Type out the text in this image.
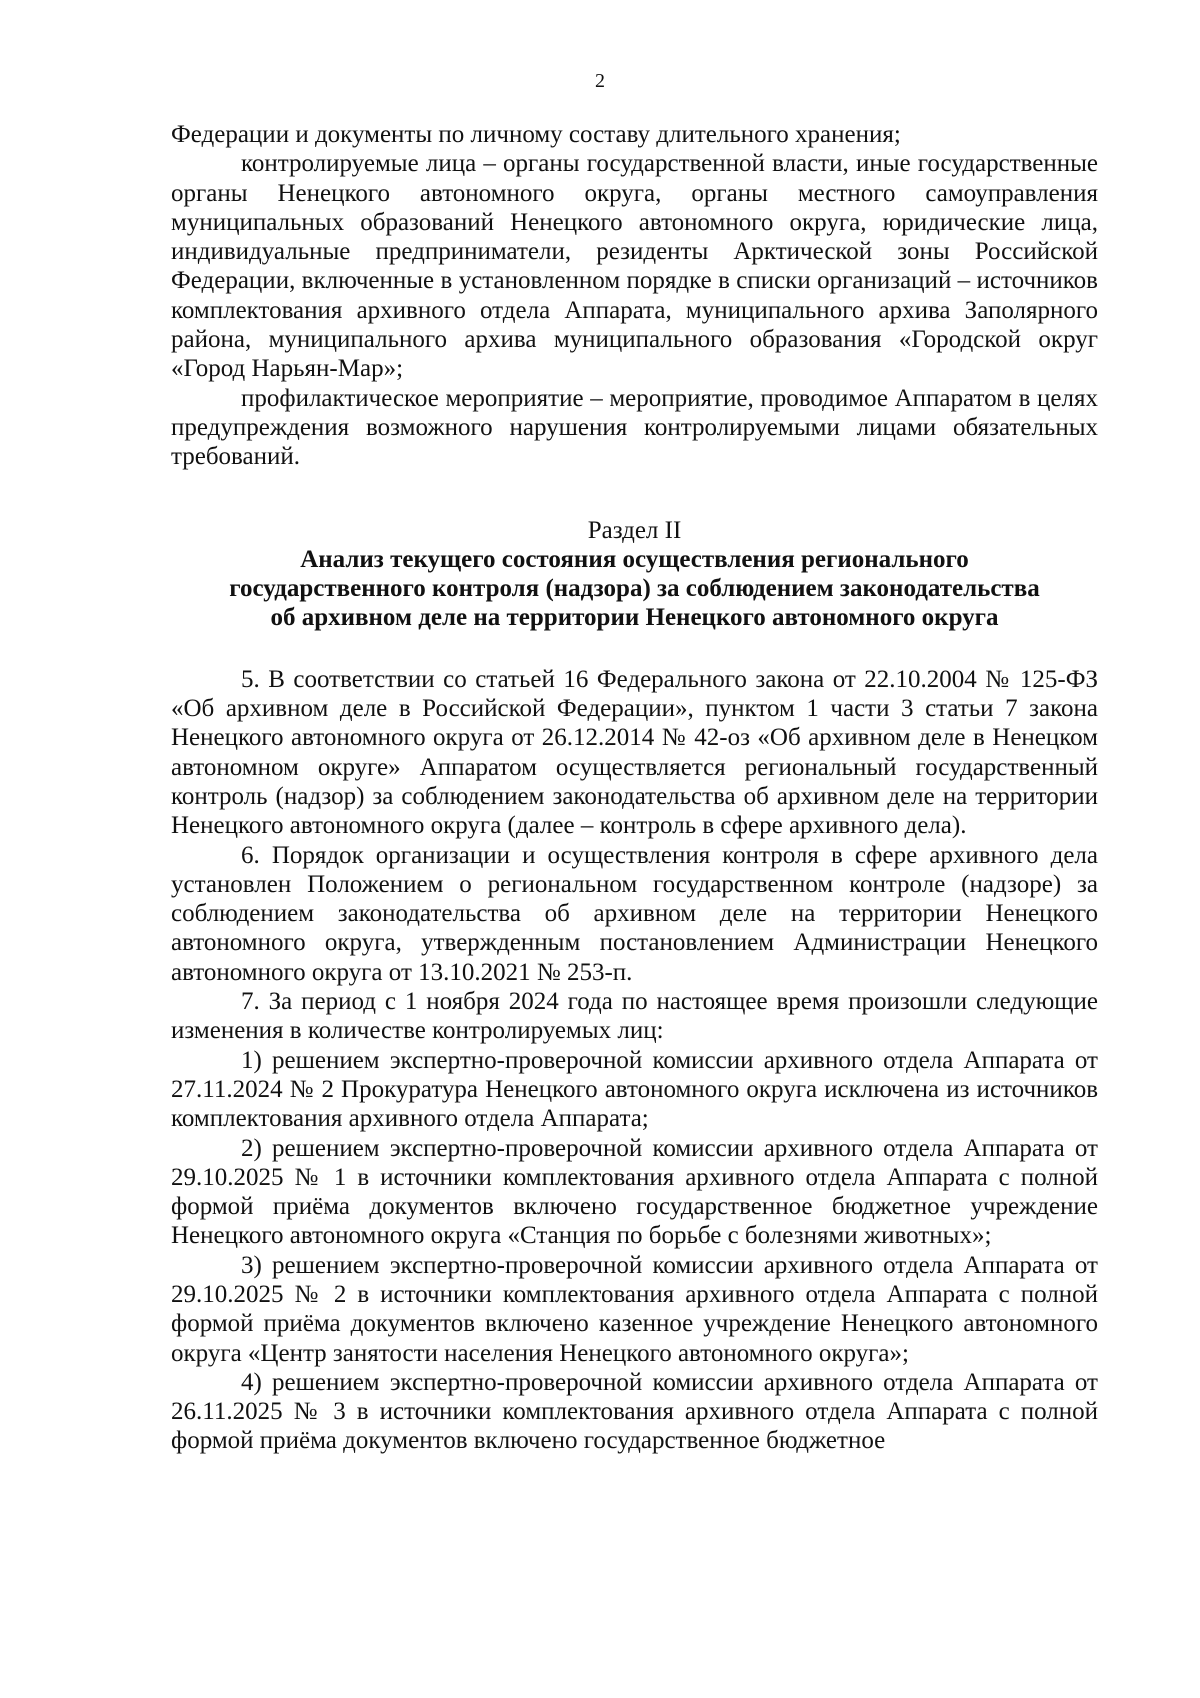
2

Федерации и документы по личному составу длительного хранения;

контролируемые лица – органы государственной власти, иные государственные органы Ненецкого автономного округа, органы местного самоуправления муниципальных образований Ненецкого автономного округа, юридические лица, индивидуальные предприниматели, резиденты Арктической зоны Российской Федерации, включенные в установленном порядке в списки организаций – источников комплектования архивного отдела Аппарата, муниципального архива Заполярного района, муниципального архива муниципального образования «Городской округ «Город Нарьян-Мар»;

профилактическое мероприятие – мероприятие, проводимое Аппаратом в целях предупреждения возможного нарушения контролируемыми лицами обязательных требований.

Раздел II

Анализ текущего состояния осуществления регионального

государственного контроля (надзора) за соблюдением законодательства

об архивном деле на территории Ненецкого автономного округа

5. В соответствии со статьей 16 Федерального закона от 22.10.2004 № 125-ФЗ «Об архивном деле в Российской Федерации», пунктом 1 части 3 статьи 7 закона Ненецкого автономного округа от 26.12.2014 № 42-оз «Об архивном деле в Ненецком автономном округе» Аппаратом осуществляется региональный государственный контроль (надзор) за соблюдением законодательства об архивном деле на территории Ненецкого автономного округа (далее – контроль в сфере архивного дела).

6. Порядок организации и осуществления контроля в сфере архивного дела установлен Положением о региональном государственном контроле (надзоре) за соблюдением законодательства об архивном деле на территории Ненецкого автономного округа, утвержденным постановлением Администрации Ненецкого автономного округа от 13.10.2021 № 253-п.

7. За период с 1 ноября 2024 года по настоящее время произошли следующие изменения в количестве контролируемых лиц:

1) решением экспертно-проверочной комиссии архивного отдела Аппарата от 27.11.2024 № 2 Прокуратура Ненецкого автономного округа исключена из источников комплектования архивного отдела Аппарата;

2) решением экспертно-проверочной комиссии архивного отдела Аппарата от 29.10.2025 № 1 в источники комплектования архивного отдела Аппарата с полной формой приёма документов включено государственное бюджетное учреждение Ненецкого автономного округа «Станция по борьбе с болезнями животных»;

3) решением экспертно-проверочной комиссии архивного отдела Аппарата от 29.10.2025 № 2 в источники комплектования архивного отдела Аппарата с полной формой приёма документов включено казенное учреждение Ненецкого автономного округа «Центр занятости населения Ненецкого автономного округа»;

4) решением экспертно-проверочной комиссии архивного отдела Аппарата от 26.11.2025 № 3 в источники комплектования архивного отдела Аппарата с полной формой приёма документов включено государственное бюджетное
